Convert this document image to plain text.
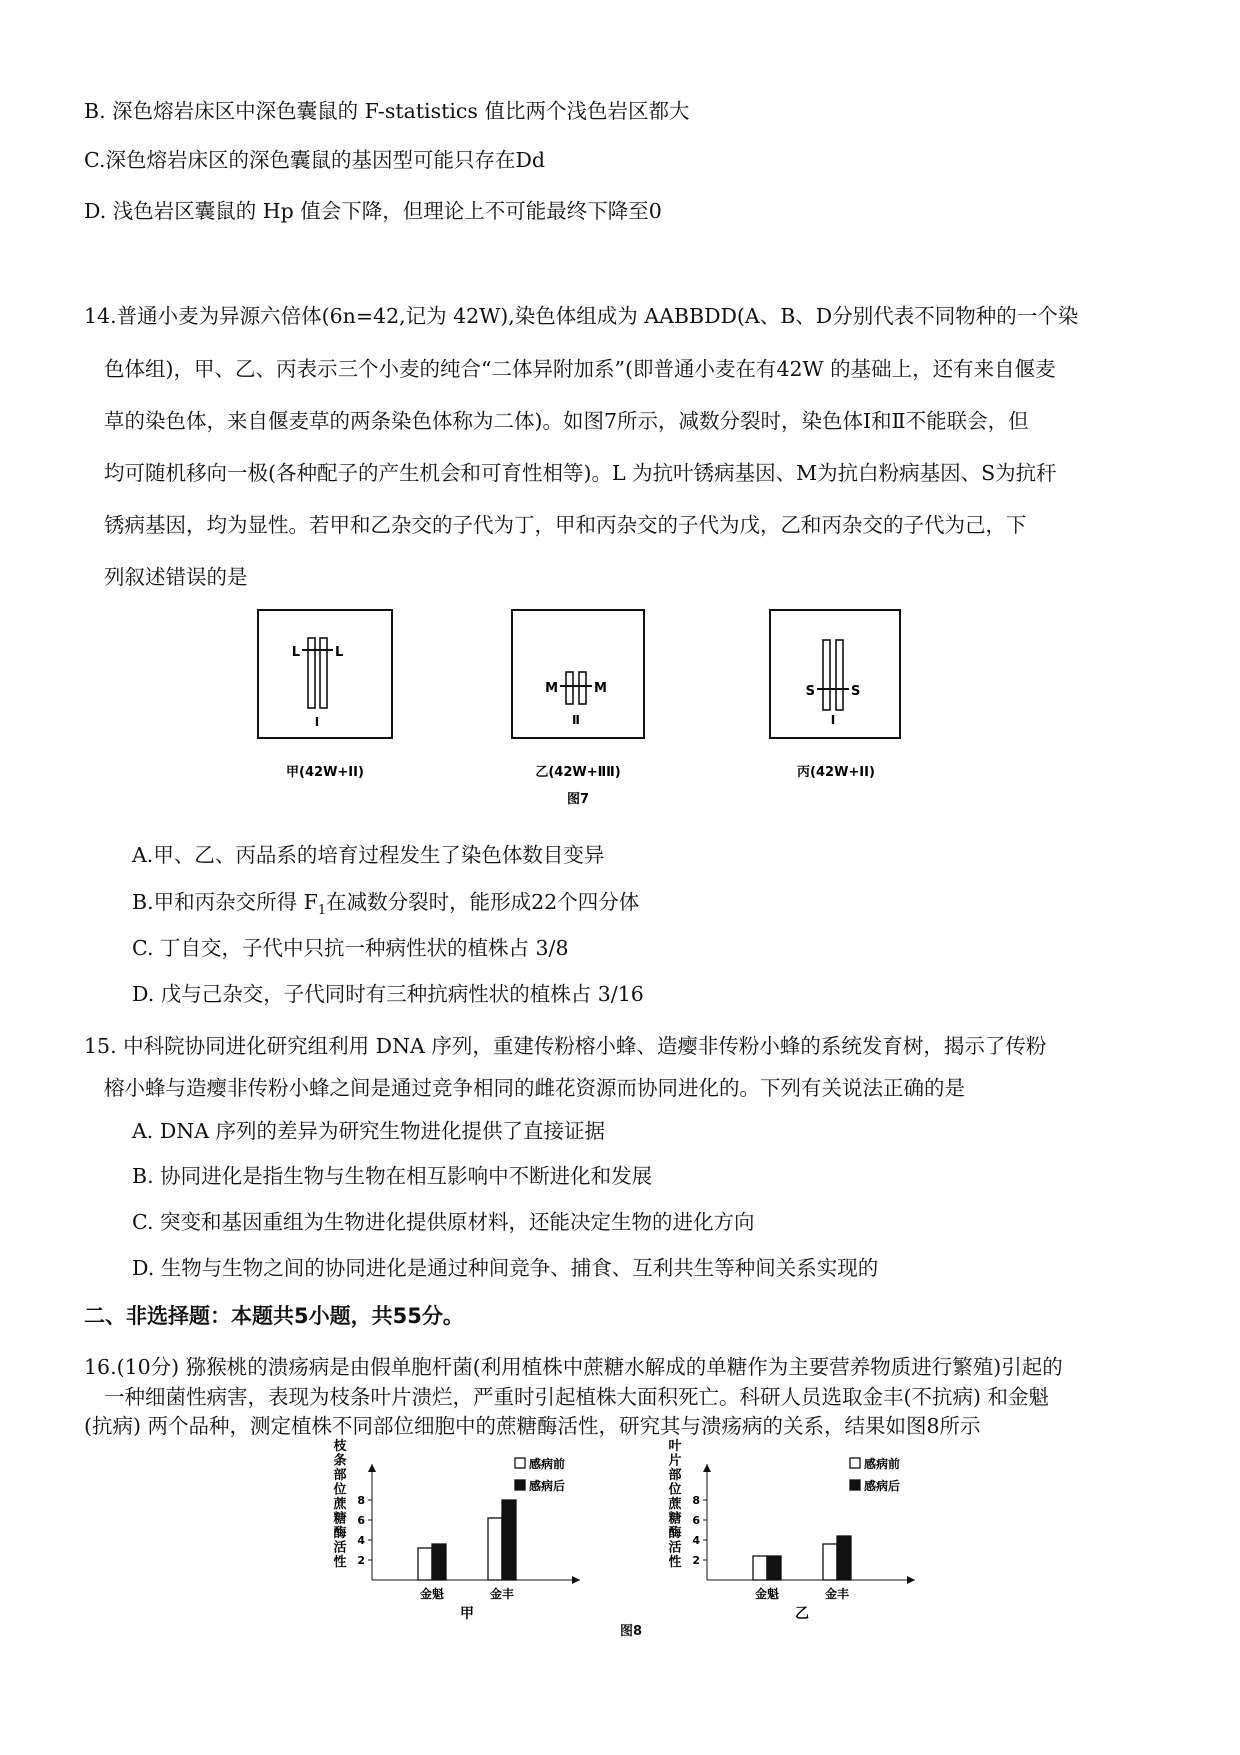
B. 深色熔岩床区中深色囊鼠的 F-statistics 值比两个浅色岩区都大
C.深色熔岩床区的深色囊鼠的基因型可能只存在Dd
D. 浅色岩区囊鼠的 Hp 值会下降，但理论上不可能最终下降至0
14.普通小麦为异源六倍体(6n=42,记为 42W),染色体组成为 AABBDD(A、B、D分别代表不同物种的一个染
色体组)，甲、乙、丙表示三个小麦的纯合“二体异附加系”(即普通小麦在有42W 的基础上，还有来自偃麦
草的染色体，来自偃麦草的两条染色体称为二体)。如图7所示，减数分裂时，染色体Ⅰ和Ⅱ不能联会，但
均可随机移向一极(各种配子的产生机会和可育性相等)。L 为抗叶锈病基因、M为抗白粉病基因、S为抗秆
锈病基因，均为显性。若甲和乙杂交的子代为丁，甲和丙杂交的子代为戊，乙和丙杂交的子代为己，下
列叙述错误的是
L	L
Ⅰ
甲(42W+ⅠⅠ)
M	M
Ⅱ
乙(42W+ⅡⅡ)
S	S
Ⅰ
丙(42W+ⅠⅠ)
图7
A.甲、乙、丙品系的培育过程发生了染色体数目变异
B.甲和丙杂交所得 $F_1$在减数分裂时，能形成22个四分体
C. 丁自交，子代中只抗一种病性状的植株占 3/8
D. 戊与己杂交，子代同时有三种抗病性状的植株占 3/16
15. 中科院协同进化研究组利用 DNA 序列，重建传粉榕小蜂、造瘿非传粉小蜂的系统发育树，揭示了传粉
榕小蜂与造瘿非传粉小蜂之间是通过竞争相同的雌花资源而协同进化的。下列有关说法正确的是
A. DNA 序列的差异为研究生物进化提供了直接证据
B. 协同进化是指生物与生物在相互影响中不断进化和发展
C. 突变和基因重组为生物进化提供原材料，还能决定生物的进化方向
D. 生物与生物之间的协同进化是通过种间竞争、捕食、互利共生等种间关系实现的
二、非选择题：本题共5小题，共55分。
16.(10分) 猕猴桃的溃疡病是由假单胞杆菌(利用植株中蔗糖水解成的单糖作为主要营养物质进行繁殖)引起的
一种细菌性病害，表现为枝条叶片溃烂，严重时引起植株大面积死亡。科研人员选取金丰(不抗病) 和金魁
(抗病) 两个品种，测定植株不同部位细胞中的蔗糖酶活性，研究其与溃疡病的关系，结果如图8所示
枝
条
部
位
蔗
糖
酶
活
性 2
4
6
8
金魁	金丰
甲
感病前
感病后
叶
片
部
位
蔗
糖
酶
活
性 2
4
6
8
金魁	金丰
乙
感病前
感病后
图8
